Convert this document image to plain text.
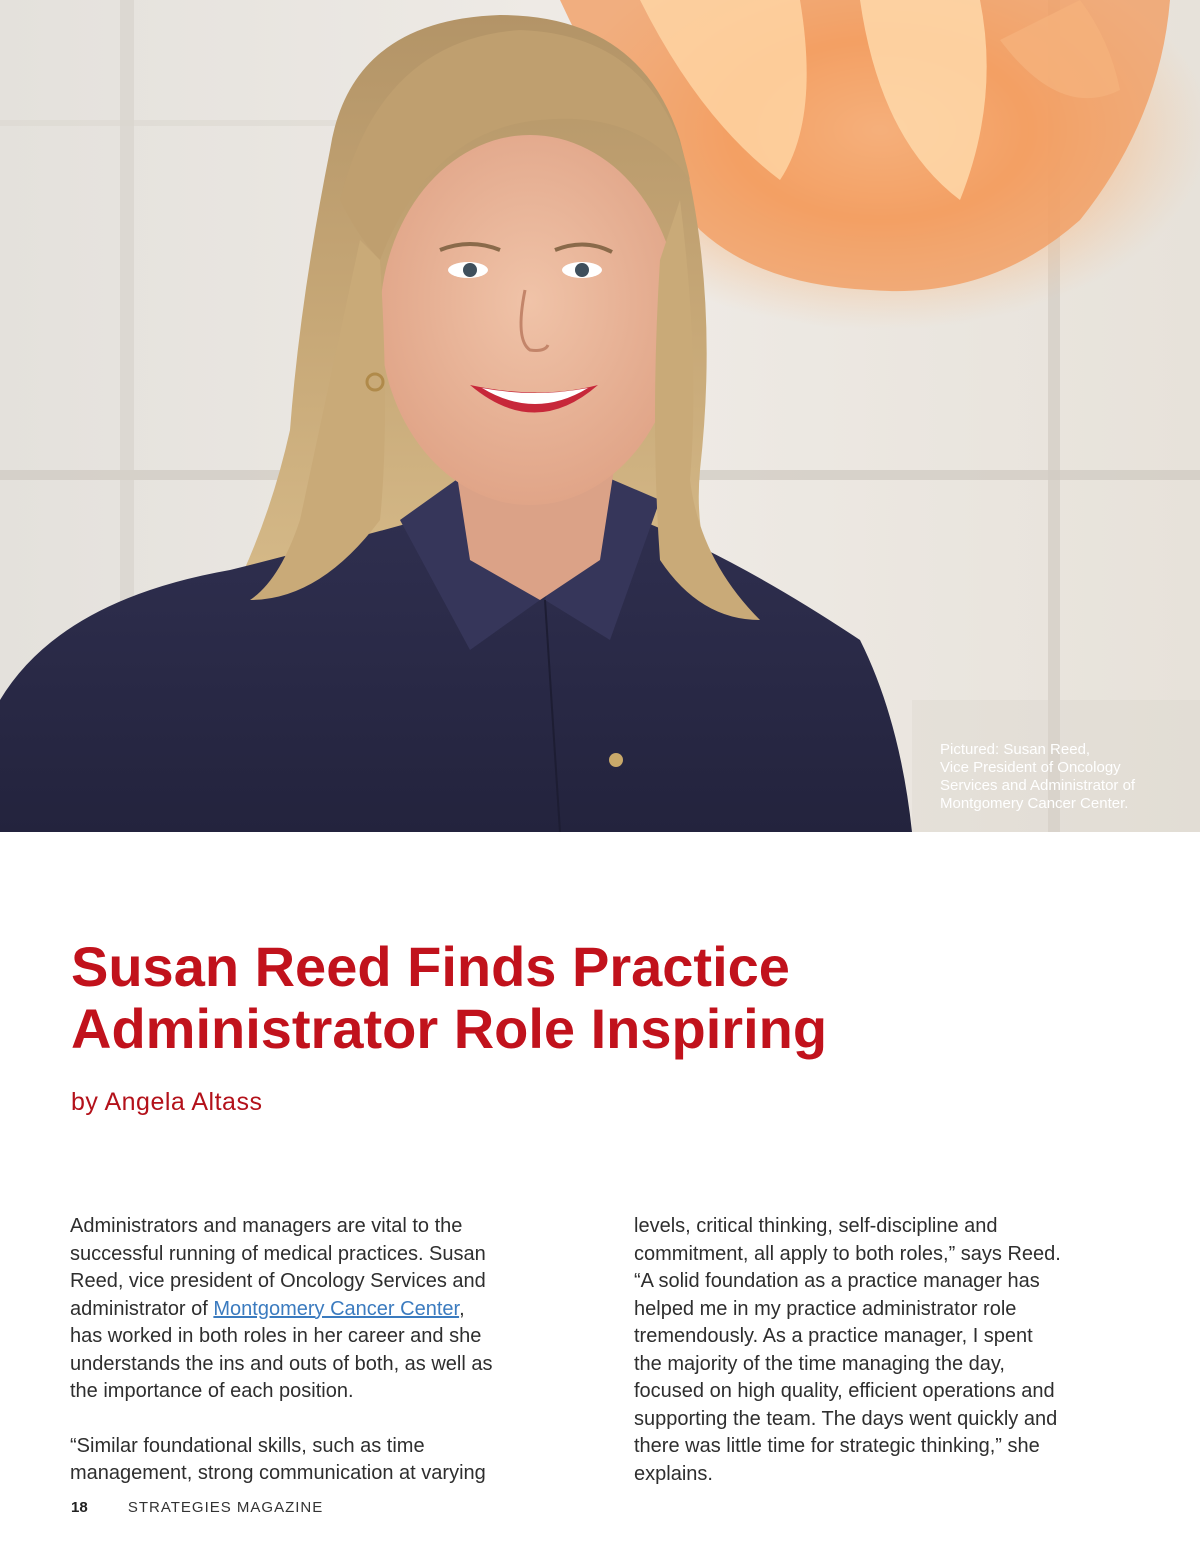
Pictured: Susan Reed,
Vice President of Oncology
Services and Administrator of
Montgomery Cancer Center.

Susan Reed Finds Practice
Administrator Role Inspiring

by Angela Altass

Administrators and managers are vital to the
successful running of medical practices. Susan
Reed, vice president of Oncology Services and
administrator of Montgomery Cancer Center,
has worked in both roles in her career and she
understands the ins and outs of both, as well as
the importance of each position.

“Similar foundational skills, such as time
management, strong communication at varying

levels, critical thinking, self-discipline and
commitment, all apply to both roles,” says Reed.
“A solid foundation as a practice manager has
helped me in my practice administrator role
tremendously. As a practice manager, I spent
the majority of the time managing the day,
focused on high quality, efficient operations and
supporting the team. The days went quickly and
there was little time for strategic thinking,” she
explains.

18	STRATEGIES MAGAZINE
